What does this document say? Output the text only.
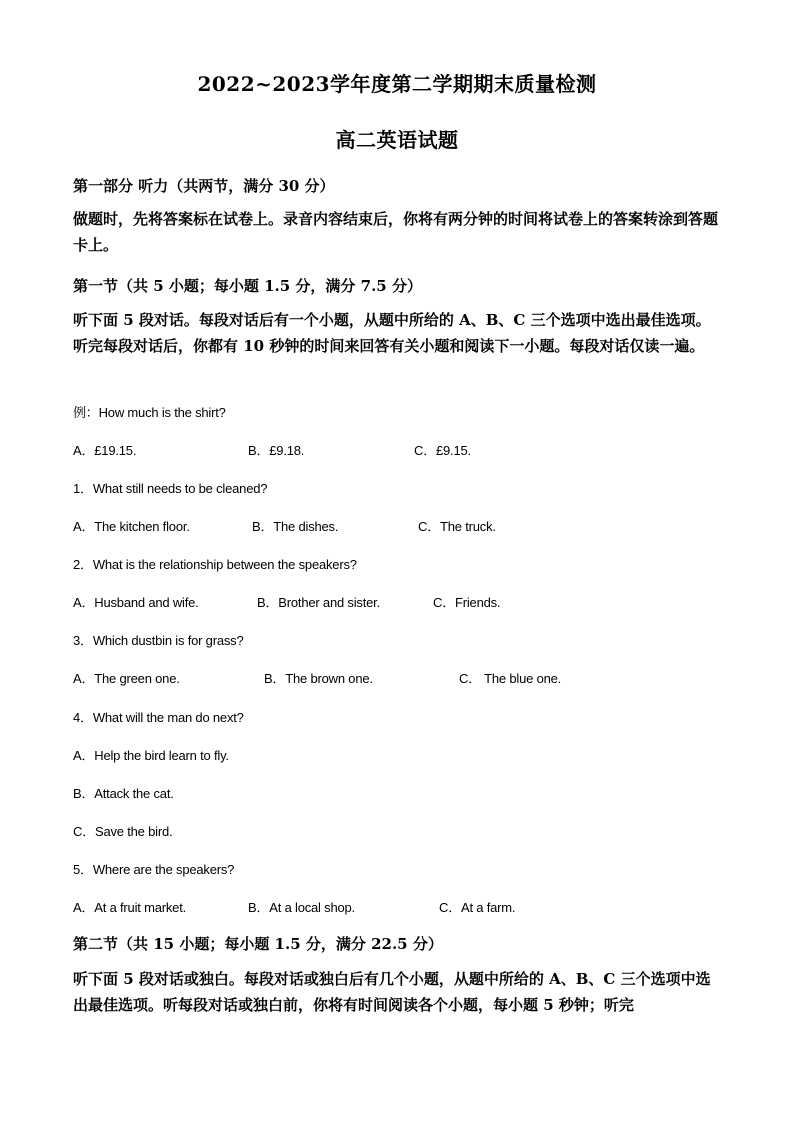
2022~2023学年度第二学期期末质量检测
高二英语试题
第一部分 听力（共两节，满分 30 分）
做题时，先将答案标在试卷上。录音内容结束后，你将有两分钟的时间将试卷上的答案转涂到答题卡上。
第一节（共 5 小题；每小题 1.5 分，满分 7.5 分）
听下面 5 段对话。每段对话后有一个小题，从题中所给的 A、B、C 三个选项中选出最佳选项。听完每段对话后，你都有 10 秒钟的时间来回答有关小题和阅读下一小题。每段对话仅读一遍。
例：How much is the shirt?
A．£19.15.	B．£9.18.	C．£9.15.
1．What still needs to be cleaned?
A．The kitchen floor.	B．The dishes.	C．The truck.
2．What is the relationship between the speakers?
A．Husband and wife.	B．Brother and sister.	C．Friends.
3．Which dustbin is for grass?
A．The green one.	B．The brown one.	C． The blue one.
4．What will the man do next?
A．Help the bird learn to fly.
B．Attack the cat.
C．Save the bird.
5．Where are the speakers?
A．At a fruit market.	B．At a local shop.	C．At a farm.
第二节（共 15 小题；每小题 1.5 分，满分 22.5 分）
听下面 5 段对话或独白。每段对话或独白后有几个小题，从题中所给的 A、B、C 三个选项中选出最佳选项。听每段对话或独白前，你将有时间阅读各个小题，每小题 5 秒钟；听完
